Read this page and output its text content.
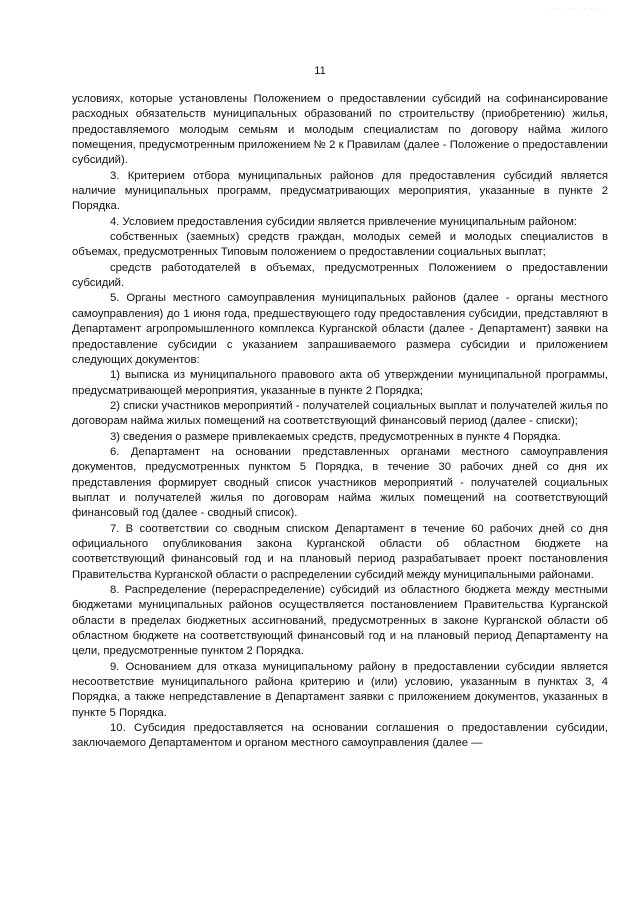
· ··· ·· ·· · ·· ·
11

условиях, которые установлены Положением о предоставлении субсидий на софинансирование расходных обязательств муниципальных образований по строительству (приобретению) жилья, предоставляемого молодым семьям и молодым специалистам по договору найма жилого помещения, предусмотренным приложением № 2 к Правилам (далее - Положение о предоставлении субсидий).

3. Критерием отбора муниципальных районов для предоставления субсидий является наличие муниципальных программ, предусматривающих мероприятия, указанные в пункте 2 Порядка.

4. Условием предоставления субсидии является привлечение муниципальным районом:

собственных (заемных) средств граждан, молодых семей и молодых специалистов в объемах, предусмотренных Типовым положением о предоставлении социальных выплат;

средств работодателей в объемах, предусмотренных Положением о предоставлении субсидий.

5. Органы местного самоуправления муниципальных районов (далее - органы местного самоуправления) до 1 июня года, предшествующего году предоставления субсидии, представляют в Департамент агропромышленного комплекса Курганской области (далее - Департамент) заявки на предоставление субсидии с указанием запрашиваемого размера субсидии и приложением следующих документов:

1) выписка из муниципального правового акта об утверждении муниципальной программы, предусматривающей мероприятия, указанные в пункте 2 Порядка;

2) списки участников мероприятий - получателей социальных выплат и получателей жилья по договорам найма жилых помещений на соответствующий финансовый период (далее - списки);

3) сведения о размере привлекаемых средств, предусмотренных в пункте 4 Порядка.

6. Департамент на основании представленных органами местного самоуправления документов, предусмотренных пунктом 5 Порядка, в течение 30 рабочих дней со дня их представления формирует сводный список участников мероприятий - получателей социальных выплат и получателей жилья по договорам найма жилых помещений на соответствующий финансовый год (далее - сводный список).

7. В соответствии со сводным списком Департамент в течение 60 рабочих дней со дня официального опубликования закона Курганской области об областном бюджете на соответствующий финансовый год и на плановый период разрабатывает проект постановления Правительства Курганской области о распределении субсидий между муниципальными районами.

8. Распределение (перераспределение) субсидий из областного бюджета между местными бюджетами муниципальных районов осуществляется постановлением Правительства Курганской области в пределах бюджетных ассигнований, предусмотренных в законе Курганской области об областном бюджете на соответствующий финансовый год и на плановый период Департаменту на цели, предусмотренные пунктом 2 Порядка.

9. Основанием для отказа муниципальному району в предоставлении субсидии является несоответствие муниципального района критерию и (или) условию, указанным в пунктах 3, 4 Порядка, а также непредставление в Департамент заявки с приложением документов, указанных в пункте 5 Порядка.

10. Субсидия предоставляется на основании соглашения о предоставлении субсидии, заключаемого Департаментом и органом местного самоуправления (далее —
